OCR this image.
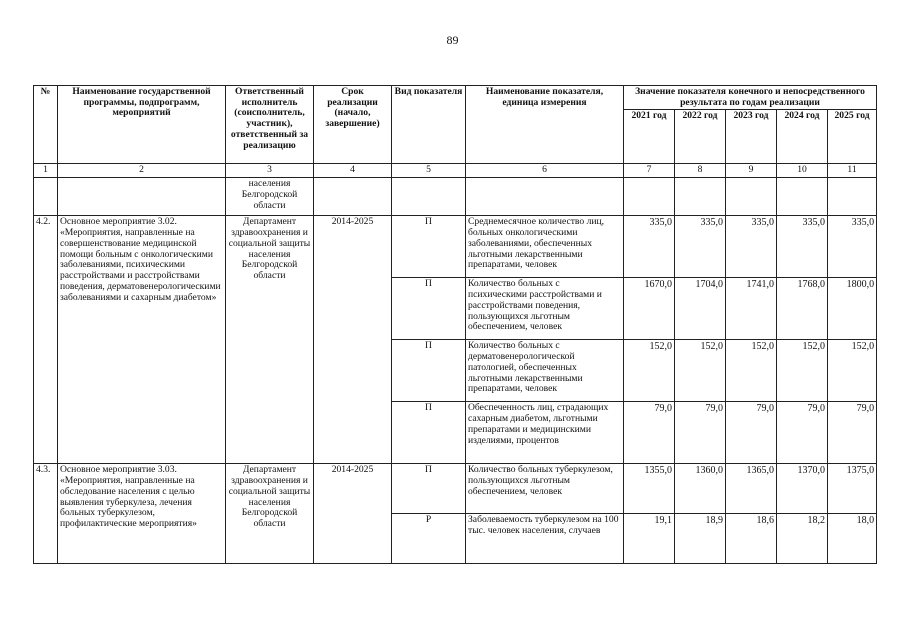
89
№	Наименование государственной программы, подпрограмм, мероприятий	Ответственный исполнитель (соисполнитель, участник), ответственный за реализацию	Срок реализации (начало, завершение)	Вид показателя	Наименование показателя, единица измерения	Значение показателя конечного и непосредственного результата по годам реализации				
						2021 год	2022 год	2023 год	2024 год	2025 год
1	2	3	4	5	6	7	8	9	10	11
		населения Белгородской области								
4.2.	Основное мероприятие 3.02. «Мероприятия, направленные на совершенствование медицинской помощи больным с онкологическими заболеваниями, психическими расстройствами и расстройствами поведения, дерматовенерологическими заболеваниями и сахарным диабетом»	Департамент здравоохранения и социальной защиты населения Белгородской области	2014-2025	П	Среднемесячное количество лиц, больных онкологическими заболеваниями, обеспеченных льготными лекарственными препаратами, человек	335,0	335,0	335,0	335,0	335,0
				П	Количество больных с психическими расстройствами и расстройствами поведения, пользующихся льготным обеспечением, человек	1670,0	1704,0	1741,0	1768,0	1800,0
				П	Количество больных с дерматовенерологической патологией, обеспеченных льготными лекарственными препаратами, человек	152,0	152,0	152,0	152,0	152,0
				П	Обеспеченность лиц, страдающих сахарным диабетом, льготными препаратами и медицинскими изделиями, процентов	79,0	79,0	79,0	79,0	79,0
4.3.	Основное мероприятие 3.03. «Мероприятия, направленные на обследование населения с целью выявления туберкулеза, лечения больных туберкулезом, профилактические мероприятия»	Департамент здравоохранения и социальной защиты населения Белгородской области	2014-2025	П	Количество больных туберкулезом, пользующихся льготным обеспечением, человек	1355,0	1360,0	1365,0	1370,0	1375,0
				Р	Заболеваемость туберкулезом на 100 тыс. человек населения, случаев	19,1	18,9	18,6	18,2	18,0
